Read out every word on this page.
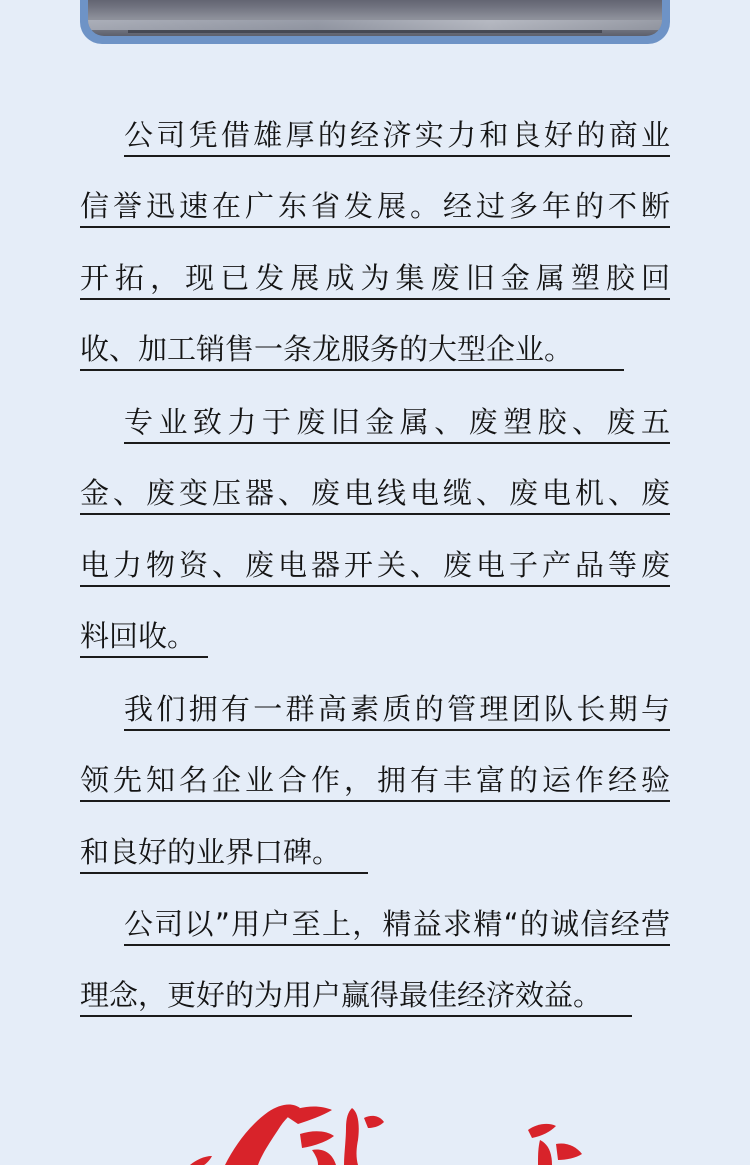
公司凭借雄厚的经济实力和良好的商业
信誉迅速在广东省发展。经过多年的不断
开拓，现已发展成为集废旧金属塑胶回
收、加工销售一条龙服务的大型企业。
专业致力于废旧金属、废塑胶、废五
金、废变压器、废电线电缆、废电机、废
电力物资、废电器开关、废电子产品等废
料回收。
我们拥有一群高素质的管理团队长期与
领先知名企业合作，拥有丰富的运作经验
和良好的业界口碑。
公司以”用户至上，精益求精“的诚信经营
理念，更好的为用户赢得最佳经济效益。
